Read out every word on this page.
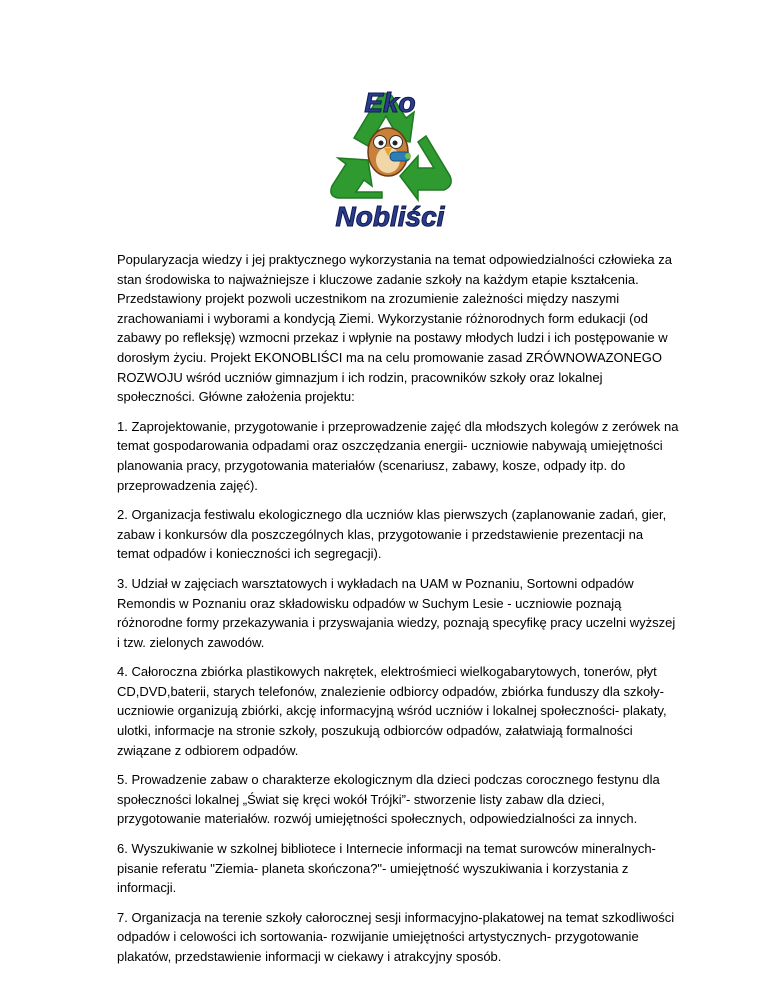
Eko
Nobliści

Popularyzacja wiedzy i jej praktycznego wykorzystania na temat odpowiedzialności człowieka za stan środowiska to najważniejsze i kluczowe zadanie szkoły na każdym etapie kształcenia. Przedstawiony projekt pozwoli uczestnikom na zrozumienie zależności między naszymi zrachowaniami i wyborami a kondycją Ziemi. Wykorzystanie różnorodnych form edukacji (od zabawy po refleksję) wzmocni przekaz i wpłynie na postawy młodych ludzi i ich postępowanie w dorosłym życiu. Projekt EKONOBLIŚCI ma na celu promowanie zasad ZRÓWNOWAZONEGO ROZWOJU wśród uczniów gimnazjum i ich rodzin, pracowników szkoły oraz lokalnej społeczności. Główne założenia projektu:

1. Zaprojektowanie, przygotowanie i przeprowadzenie zajęć dla młodszych kolegów z zerówek na temat gospodarowania odpadami oraz oszczędzania energii- uczniowie nabywają umiejętności planowania pracy, przygotowania materiałów (scenariusz, zabawy, kosze, odpady itp. do przeprowadzenia zajęć).

2. Organizacja festiwalu ekologicznego dla uczniów klas pierwszych (zaplanowanie zadań, gier, zabaw i konkursów dla poszczególnych klas, przygotowanie i przedstawienie prezentacji na temat odpadów i konieczności ich segregacji).

3. Udział w zajęciach warsztatowych i wykładach na UAM w Poznaniu, Sortowni odpadów Remondis w Poznaniu oraz składowisku odpadów w Suchym Lesie - uczniowie poznają różnorodne formy przekazywania i przyswajania wiedzy, poznają specyfikę pracy uczelni wyższej i tzw. zielonych zawodów.

4. Całoroczna zbiórka plastikowych nakrętek, elektrośmieci wielkogabarytowych, tonerów, płyt CD,DVD,baterii, starych telefonów, znalezienie odbiorcy odpadów, zbiórka funduszy dla szkoły- uczniowie organizują zbiórki, akcję informacyjną wśród uczniów i lokalnej społeczności- plakaty, ulotki, informacje na stronie szkoły, poszukują odbiorców odpadów, załatwiają formalności związane z odbiorem odpadów.

5. Prowadzenie zabaw o charakterze ekologicznym dla dzieci podczas corocznego festynu dla społeczności lokalnej „Świat się kręci wokół Trójki”- stworzenie listy zabaw dla dzieci, przygotowanie materiałów. rozwój umiejętności społecznych, odpowiedzialności za innych.

6. Wyszukiwanie w szkolnej bibliotece i Internecie informacji na temat surowców mineralnych- pisanie referatu "Ziemia- planeta skończona?"- umiejętność wyszukiwania i korzystania z informacji.

7. Organizacja na terenie szkoły całorocznej sesji informacyjno-plakatowej na temat szkodliwości odpadów i celowości ich sortowania- rozwijanie umiejętności artystycznych- przygotowanie plakatów, przedstawienie informacji w ciekawy i atrakcyjny sposób.
